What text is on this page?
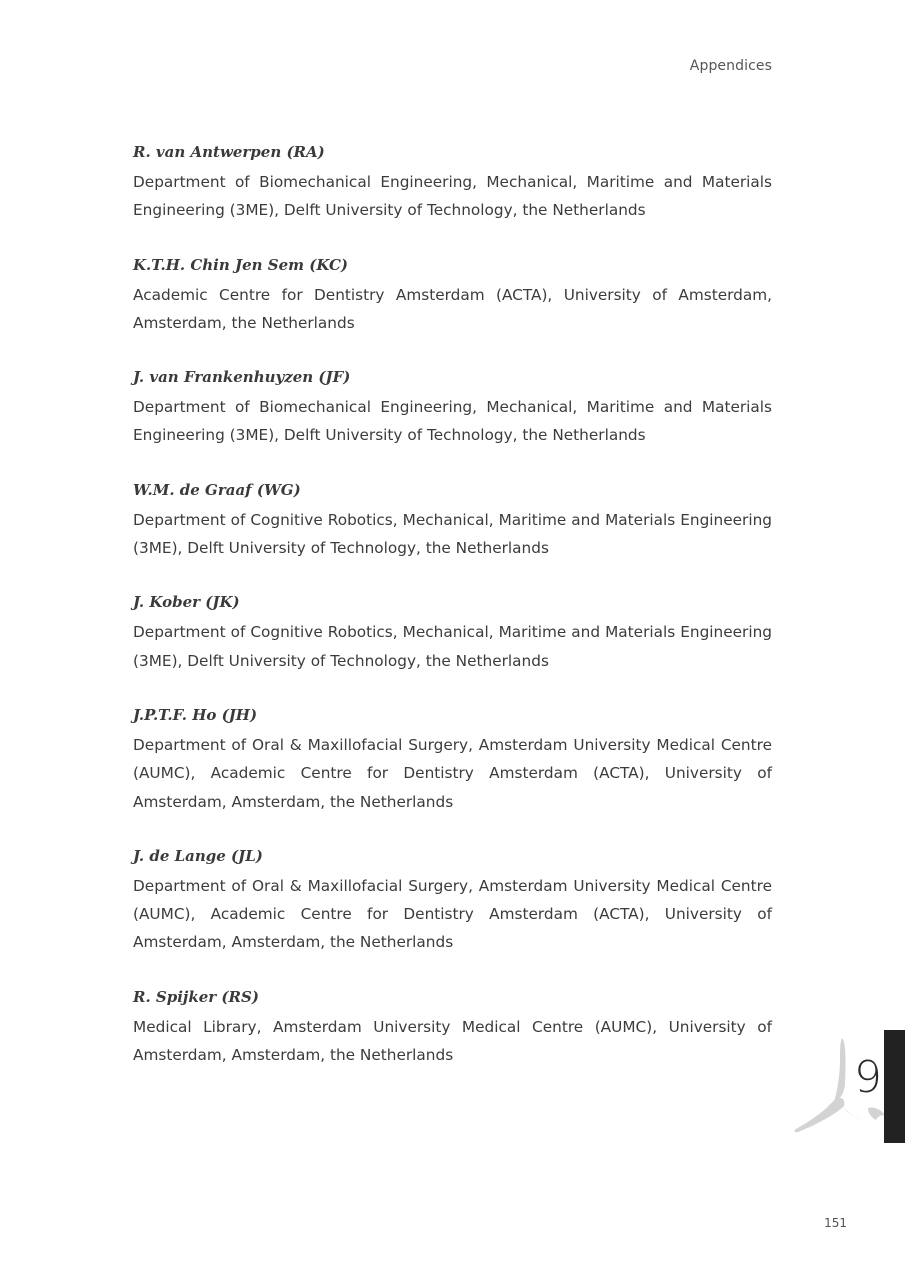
Appendices
R. van Antwerpen (RA)

Department of Biomechanical Engineering, Mechanical, Maritime and Materials Engineering (3ME), Delft University of Technology, the Netherlands

K.T.H. Chin Jen Sem (KC)

Academic Centre for Dentistry Amsterdam (ACTA), University of Amsterdam, Amsterdam, the Netherlands

J. van Frankenhuyzen (JF)

Department of Biomechanical Engineering, Mechanical, Maritime and Materials Engineering (3ME), Delft University of Technology, the Netherlands

W.M. de Graaf (WG)

Department of Cognitive Robotics, Mechanical, Maritime and Materials Engineering (3ME), Delft University of Technology, the Netherlands

J. Kober (JK)

Department of Cognitive Robotics, Mechanical, Maritime and Materials Engineering (3ME), Delft University of Technology, the Netherlands

J.P.T.F. Ho (JH)

Department of Oral & Maxillofacial Surgery, Amsterdam University Medical Centre (AUMC), Academic Centre for Dentistry Amsterdam (ACTA), University of Amsterdam, Amsterdam, the Netherlands

J. de Lange (JL)

Department of Oral & Maxillofacial Surgery, Amsterdam University Medical Centre (AUMC), Academic Centre for Dentistry Amsterdam (ACTA), University of Amsterdam, Amsterdam, the Netherlands

R. Spijker (RS)

Medical Library, Amsterdam University Medical Centre (AUMC), University of Amsterdam, Amsterdam, the Netherlands	9
151
